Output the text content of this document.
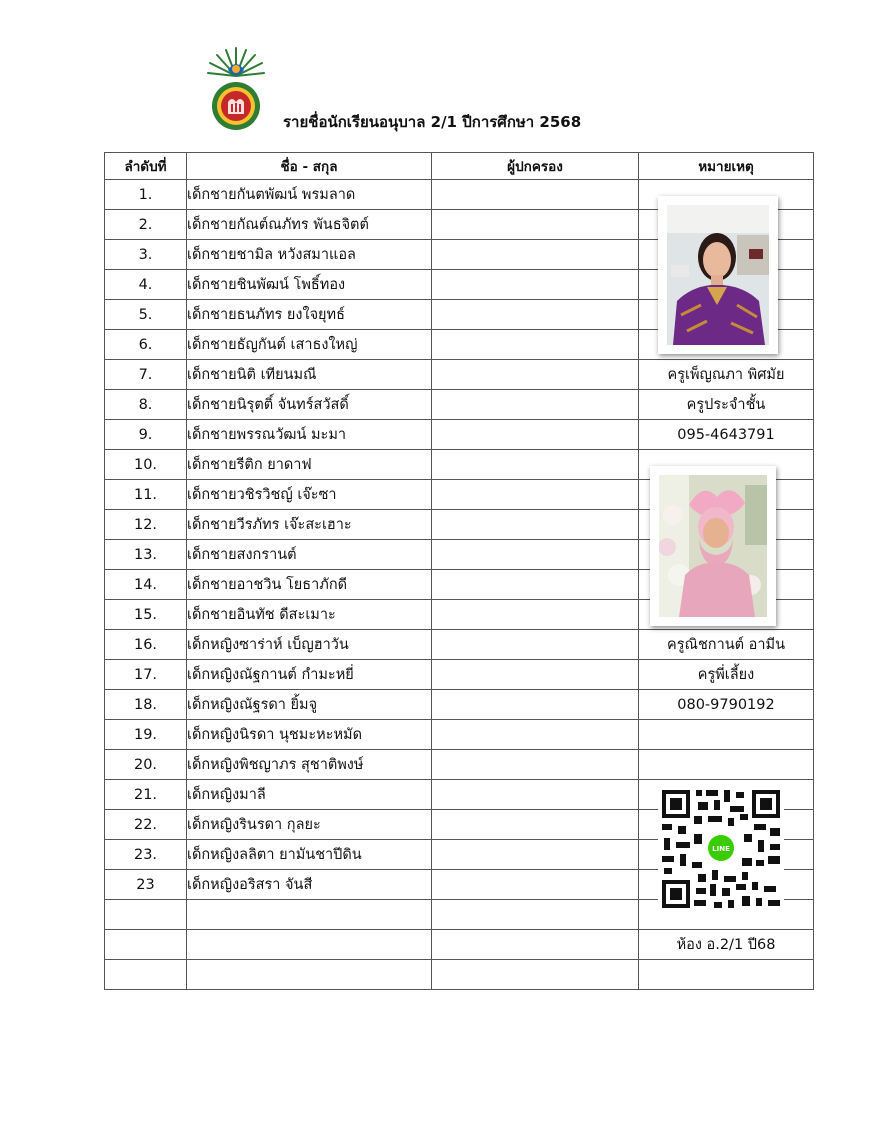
รายชื่อนักเรียนอนุบาล 2/1 ปีการศึกษา 2568
ลำดับที่	ชื่อ - สกุล	ผู้ปกครอง	หมายเหตุ
1.	เด็กชายกันตพัฒน์ พรมลาด		
2.	เด็กชายกัณต์ณภัทร พันธจิตต์		
3.	เด็กชายชามิล หวังสมาแอล		
4.	เด็กชายชินพัฒน์ โพธิ์ทอง		
5.	เด็กชายธนภัทร ยงใจยุทธ์		
6.	เด็กชายธัญกันต์ เสาธงใหญ่		
7.	เด็กชายนิติ เทียนมณี		ครูเพ็ญณภา พิศมัย
8.	เด็กชายนิรุตติ์ จันทร์สวัสดิ์		ครูประจำชั้น
9.	เด็กชายพรรณวัฒน์ มะมา		095-4643791
10.	เด็กชายรีติก ยาดาฟ		
11.	เด็กชายวชิรวิชญ์ เจ๊ะซา		
12.	เด็กชายวีรภัทร เจ๊ะสะเฮาะ		
13.	เด็กชายสงกรานต์		
14.	เด็กชายอาชวิน โยธาภักดี		
15.	เด็กชายอินทัช ดีสะเมาะ		
16.	เด็กหญิงซาร่าห์ เบ็ญฮาวัน		ครูณิชกานต์ อามีน
17.	เด็กหญิงณัฐกานต์ กำมะหยี่		ครูพี่เลี้ยง
18.	เด็กหญิงณัฐรดา ยิ้มจู		080-9790192
19.	เด็กหญิงนิรดา นุชมะหะหมัด		
20.	เด็กหญิงพิชญาภร สุชาติพงษ์		
21.	เด็กหญิงมาลี		
22.	เด็กหญิงรินรดา กุลยะ		
23.	เด็กหญิงลลิตา ยามันชาปีดิน		
23	เด็กหญิงอริสรา จันสี		

			ห้อง อ.2/1 ปี68

LINE
